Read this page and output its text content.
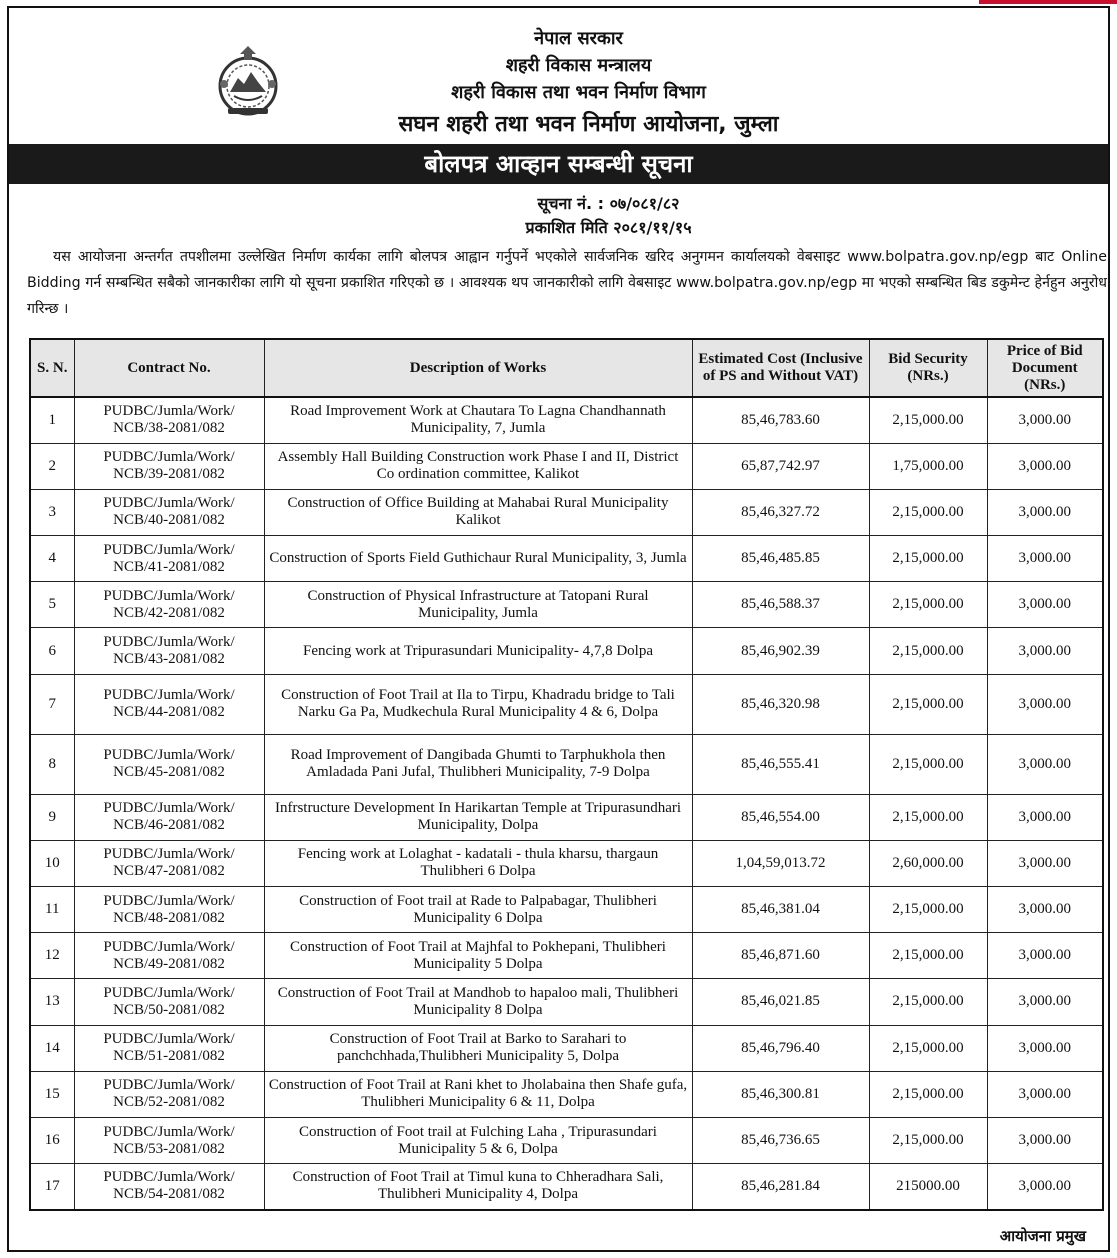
नेपाल सरकार
शहरी विकास मन्त्रालय
शहरी विकास तथा भवन निर्माण विभाग
सघन शहरी तथा भवन निर्माण आयोजना, जुम्ला
बोलपत्र आव्हान सम्बन्धी सूचना
सूचना नं. : ०७/०८१/८२
प्रकाशित मिति २०८१/११/१५
यस आयोजना अन्तर्गत तपशीलमा उल्लेखित निर्माण कार्यका लागि बोलपत्र आह्वान गर्नुपर्ने भएकोले सार्वजनिक खरिद अनुगमन कार्यालयको वेबसाइट www.bolpatra.gov.np/egp बाट Online Bidding गर्न सम्बन्धित सबैको जानकारीका लागि यो सूचना प्रकाशित गरिएको छ । आवश्यक थप जानकारीको लागि वेबसाइट www.bolpatra.gov.np/egp मा भएको सम्बन्धित बिड डकुमेन्ट हेर्नहुन अनुरोध गरिन्छ ।
S. N.	Contract No.	Description of Works	Estimated Cost (Inclusive of PS and Without VAT)	Bid Security (NRs.)	Price of Bid Document (NRs.)
1	PUDBC/Jumla/Work/ NCB/38-2081/082	Road Improvement Work at Chautara To Lagna Chandhannath Municipality, 7, Jumla	85,46,783.60	2,15,000.00	3,000.00
2	PUDBC/Jumla/Work/ NCB/39-2081/082	Assembly Hall Building Construction work Phase I and II, District Co ordination committee, Kalikot	65,87,742.97	1,75,000.00	3,000.00
3	PUDBC/Jumla/Work/ NCB/40-2081/082	Construction of Office Building at Mahabai Rural Municipality Kalikot	85,46,327.72	2,15,000.00	3,000.00
4	PUDBC/Jumla/Work/ NCB/41-2081/082	Construction of Sports Field Guthichaur Rural Municipality, 3, Jumla	85,46,485.85	2,15,000.00	3,000.00
5	PUDBC/Jumla/Work/ NCB/42-2081/082	Construction of Physical Infrastructure at Tatopani Rural Municipality, Jumla	85,46,588.37	2,15,000.00	3,000.00
6	PUDBC/Jumla/Work/ NCB/43-2081/082	Fencing work at Tripurasundari Municipality- 4,7,8 Dolpa	85,46,902.39	2,15,000.00	3,000.00
7	PUDBC/Jumla/Work/ NCB/44-2081/082	Construction of Foot Trail at Ila to Tirpu, Khadradu bridge to Tali Narku Ga Pa, Mudkechula Rural Municipality 4 & 6, Dolpa	85,46,320.98	2,15,000.00	3,000.00
8	PUDBC/Jumla/Work/ NCB/45-2081/082	Road Improvement of Dangibada Ghumti to Tarphukhola then Amladada Pani Jufal, Thulibheri Municipality, 7-9 Dolpa	85,46,555.41	2,15,000.00	3,000.00
9	PUDBC/Jumla/Work/ NCB/46-2081/082	Infrstructure Development In Harikartan Temple at Tripurasundhari Municipality, Dolpa	85,46,554.00	2,15,000.00	3,000.00
10	PUDBC/Jumla/Work/ NCB/47-2081/082	Fencing work at Lolaghat - kadatali - thula kharsu, thargaun Thulibheri 6 Dolpa	1,04,59,013.72	2,60,000.00	3,000.00
11	PUDBC/Jumla/Work/ NCB/48-2081/082	Construction of Foot trail at Rade to Palpabagar, Thulibheri Municipality 6 Dolpa	85,46,381.04	2,15,000.00	3,000.00
12	PUDBC/Jumla/Work/ NCB/49-2081/082	Construction of Foot Trail at Majhfal to Pokhepani, Thulibheri Municipality 5 Dolpa	85,46,871.60	2,15,000.00	3,000.00
13	PUDBC/Jumla/Work/ NCB/50-2081/082	Construction of Foot Trail at Mandhob to hapaloo mali, Thulibheri Municipality 8 Dolpa	85,46,021.85	2,15,000.00	3,000.00
14	PUDBC/Jumla/Work/ NCB/51-2081/082	Construction of Foot Trail at Barko to Sarahari to panchchhada,Thulibheri Municipality 5, Dolpa	85,46,796.40	2,15,000.00	3,000.00
15	PUDBC/Jumla/Work/ NCB/52-2081/082	Construction of Foot Trail at Rani khet to Jholabaina then Shafe gufa, Thulibheri Municipality 6 & 11, Dolpa	85,46,300.81	2,15,000.00	3,000.00
16	PUDBC/Jumla/Work/ NCB/53-2081/082	Construction of Foot trail at Fulching Laha , Tripurasundari Municipality 5 & 6, Dolpa	85,46,736.65	2,15,000.00	3,000.00
17	PUDBC/Jumla/Work/ NCB/54-2081/082	Construction of Foot Trail at Timul kuna to Chheradhara Sali, Thulibheri Municipality 4, Dolpa	85,46,281.84	215000.00	3,000.00
आयोजना प्रमुख
